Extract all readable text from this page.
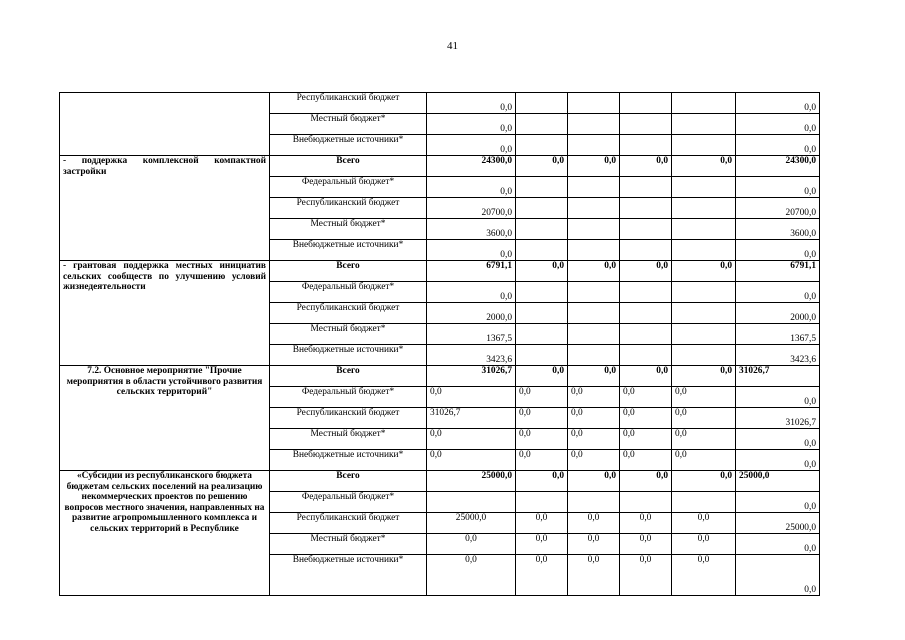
41
	Республиканский бюджет	0,0					0,0
	Местный бюджет*	0,0					0,0
	Внебюджетные источники*	0,0					0,0
- поддержка комплексной компактной застройки	Всего	24300,0	0,0	0,0	0,0	0,0	24300,0
	Федеральный бюджет*	0,0					0,0
	Республиканский бюджет	20700,0					20700,0
	Местный бюджет*	3600,0					3600,0
	Внебюджетные источники*	0,0					0,0
- грантовая поддержка местных инициатив сельских сообществ по улучшению условий жизнедеятельности	Всего	6791,1	0,0	0,0	0,0	0,0	6791,1
	Федеральный бюджет*	0,0					0,0
	Республиканский бюджет	2000,0					2000,0
	Местный бюджет*	1367,5					1367,5
	Внебюджетные источники*	3423,6					3423,6
7.2. Основное мероприятие "Прочие мероприятия в области устойчивого развития сельских территорий"	Всего	31026,7	0,0	0,0	0,0	0,0	31026,7
	Федеральный бюджет*	0,0	0,0	0,0	0,0	0,0	0,0
	Республиканский бюджет	31026,7	0,0	0,0	0,0	0,0	31026,7
	Местный бюджет*	0,0	0,0	0,0	0,0	0,0	0,0
	Внебюджетные источники*	0,0	0,0	0,0	0,0	0,0	0,0
«Субсидии из республиканского бюджета бюджетам сельских поселений на реализацию некоммерческих проектов по решению вопросов местного значения, направленных на развитие агропромышленного комплекса и сельских территорий в Республике	Всего	25000,0	0,0	0,0	0,0	0,0	25000,0
	Федеральный бюджет*						0,0
	Республиканский бюджет	25000,0	0,0	0,0	0,0	0,0	25000,0
	Местный бюджет*	0,0	0,0	0,0	0,0	0,0	0,0
	Внебюджетные источники*	0,0	0,0	0,0	0,0	0,0	0,0
